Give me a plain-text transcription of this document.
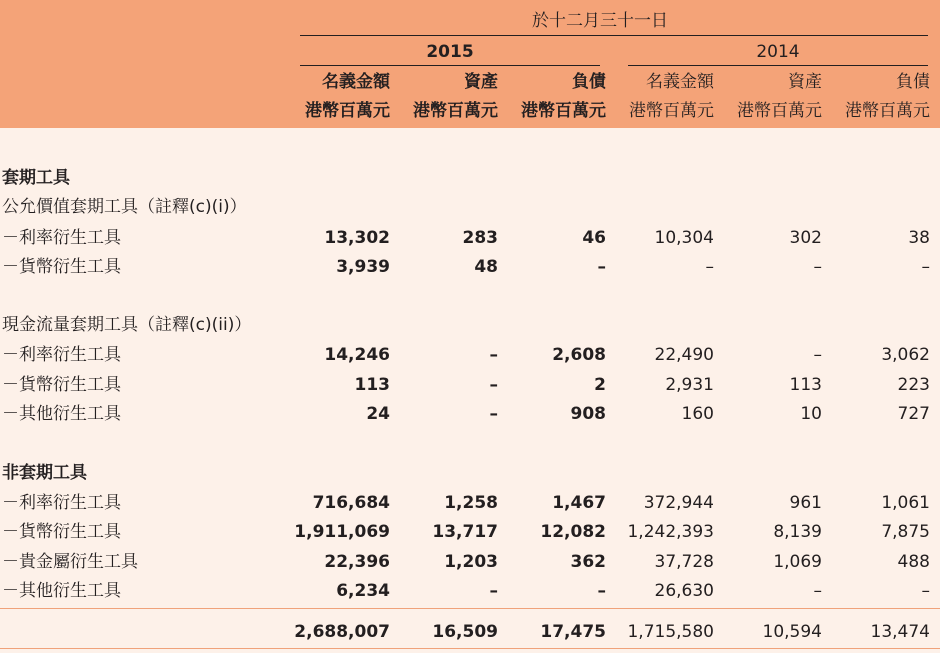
於十二月三十一日
2015	2014
名義金額	資產	負債	名義金額	資產	負債
港幣百萬元	港幣百萬元	港幣百萬元	港幣百萬元	港幣百萬元	港幣百萬元
套期工具
公允價值套期工具（註釋(c)(i)）
－利率衍生工具	13,302	283	46	10,304	302	38
－貨幣衍生工具	3,939	48	–	–	–	–
現金流量套期工具（註釋(c)(ii)）
－利率衍生工具	14,246	–	2,608	22,490	–	3,062
－貨幣衍生工具	113	–	2	2,931	113	223
－其他衍生工具	24	–	908	160	10	727
非套期工具
－利率衍生工具	716,684	1,258	1,467	372,944	961	1,061
－貨幣衍生工具	1,911,069	13,717	12,082	1,242,393	8,139	7,875
－貴金屬衍生工具	22,396	1,203	362	37,728	1,069	488
－其他衍生工具	6,234	–	–	26,630	–	–
2,688,007	16,509	17,475	1,715,580	10,594	13,474
